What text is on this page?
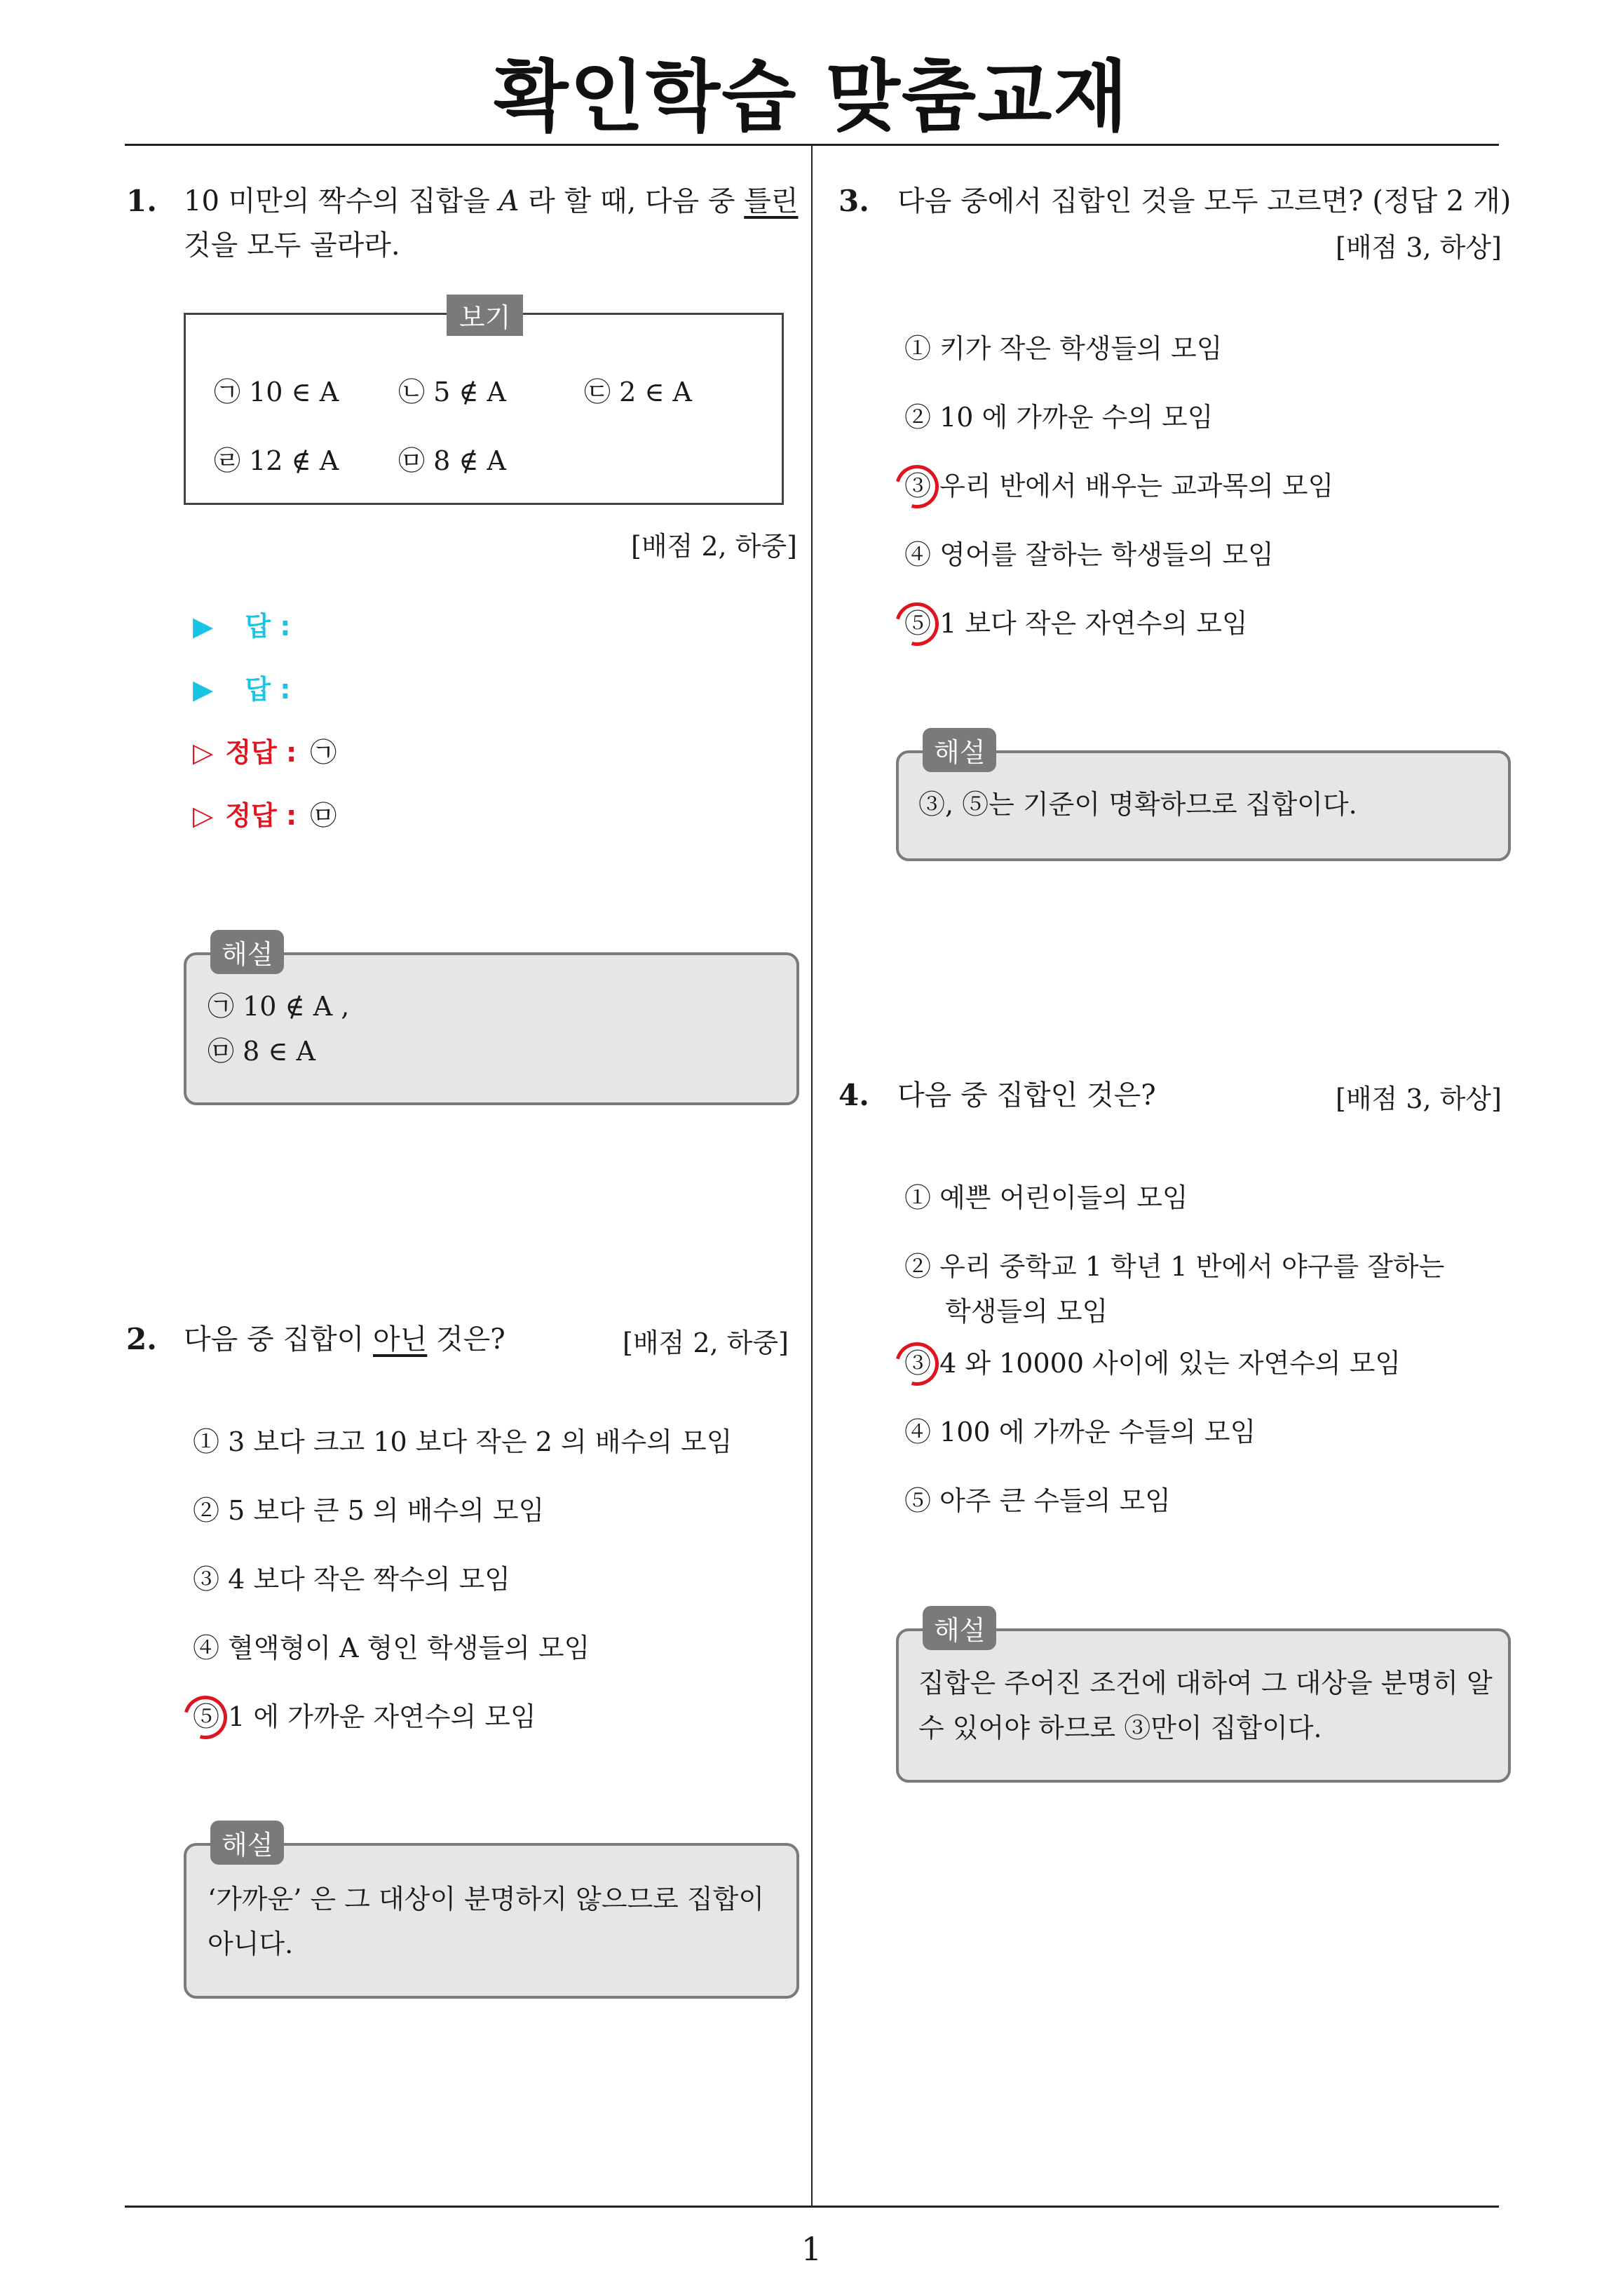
확인학습 맞춤교재
1. 10 미만의 짝수의 집합을 A 라 할 때, 다음 중 틀린
것을 모두 골라라.
보기
㉠ 10 ∈ A ㉡ 5 ∉ A	㉢ 2 ∈ A
㉣ 12 ∉ A ㉤ 8 ∉ A
[배점 2, 하중]
▶ 답 :
▶ 답 :
▷ 정답 : ㉠
▷ 정답 : ㉤
해설
㉠ 10 ∉ A ,
㉤ 8 ∈ A
2. 다음 중 집합이 아닌 것은?	[배점 2, 하중]
① 3 보다 크고 10 보다 작은 2 의 배수의 모임
② 5 보다 큰 5 의 배수의 모임
③ 4 보다 작은 짝수의 모임
④ 혈액형이 A 형인 학생들의 모임
⑤ 1 에 가까운 자연수의 모임
해설
‘가까운’ 은 그 대상이 분명하지 않으므로 집합이
아니다.
3. 다음 중에서 집합인 것을 모두 고르면? (정답 2 개)
[배점 3, 하상]
① 키가 작은 학생들의 모임
② 10 에 가까운 수의 모임
③ 우리 반에서 배우는 교과목의 모임
④ 영어를 잘하는 학생들의 모임
⑤ 1 보다 작은 자연수의 모임
해설
③, ⑤는 기준이 명확하므로 집합이다.
4. 다음 중 집합인 것은?	[배점 3, 하상]
① 예쁜 어린이들의 모임
② 우리 중학교 1 학년 1 반에서 야구를 잘하는
학생들의 모임
③ 4 와 10000 사이에 있는 자연수의 모임
④ 100 에 가까운 수들의 모임
⑤ 아주 큰 수들의 모임
해설
집합은 주어진 조건에 대하여 그 대상을 분명히 알
수 있어야 하므로 ③만이 집합이다.
1
